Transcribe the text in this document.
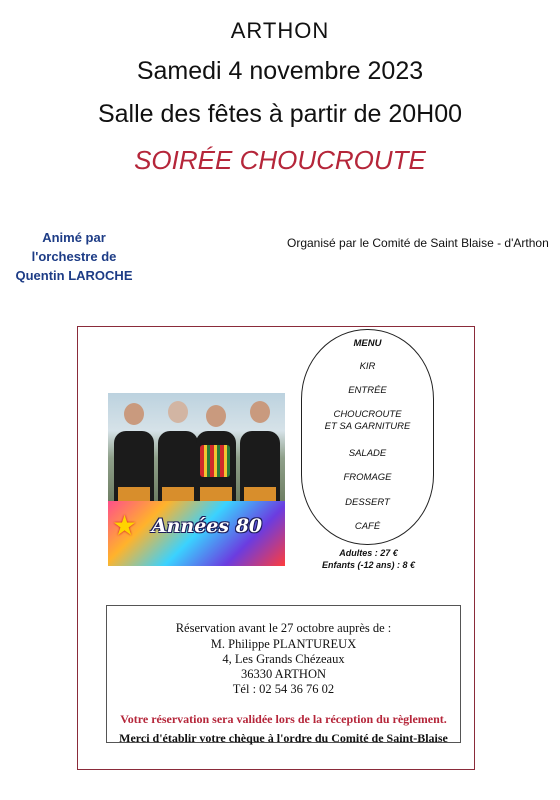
ARTHON
Samedi 4 novembre 2023
Salle des fêtes à partir de 20H00
SOIRÉE CHOUCROUTE
Animé par
l'orchestre de
Quentin LAROCHE
Organisé par le Comité de Saint Blaise - d'Arthon
★ Années 80
MENU
KIR
ENTRÉE
CHOUCROUTE
ET SA GARNITURE
SALADE
FROMAGE
DESSERT
CAFÉ
Adultes : 27 €
Enfants (-12 ans) : 8 €
Réservation avant le 27 octobre auprès de :
M. Philippe PLANTUREUX
4, Les Grands Chézeaux
36330 ARTHON
Tél : 02 54 36 76 02
Votre réservation sera validée lors de la réception du règlement.
Merci d'établir votre chèque à l'ordre du Comité de Saint-Blaise
